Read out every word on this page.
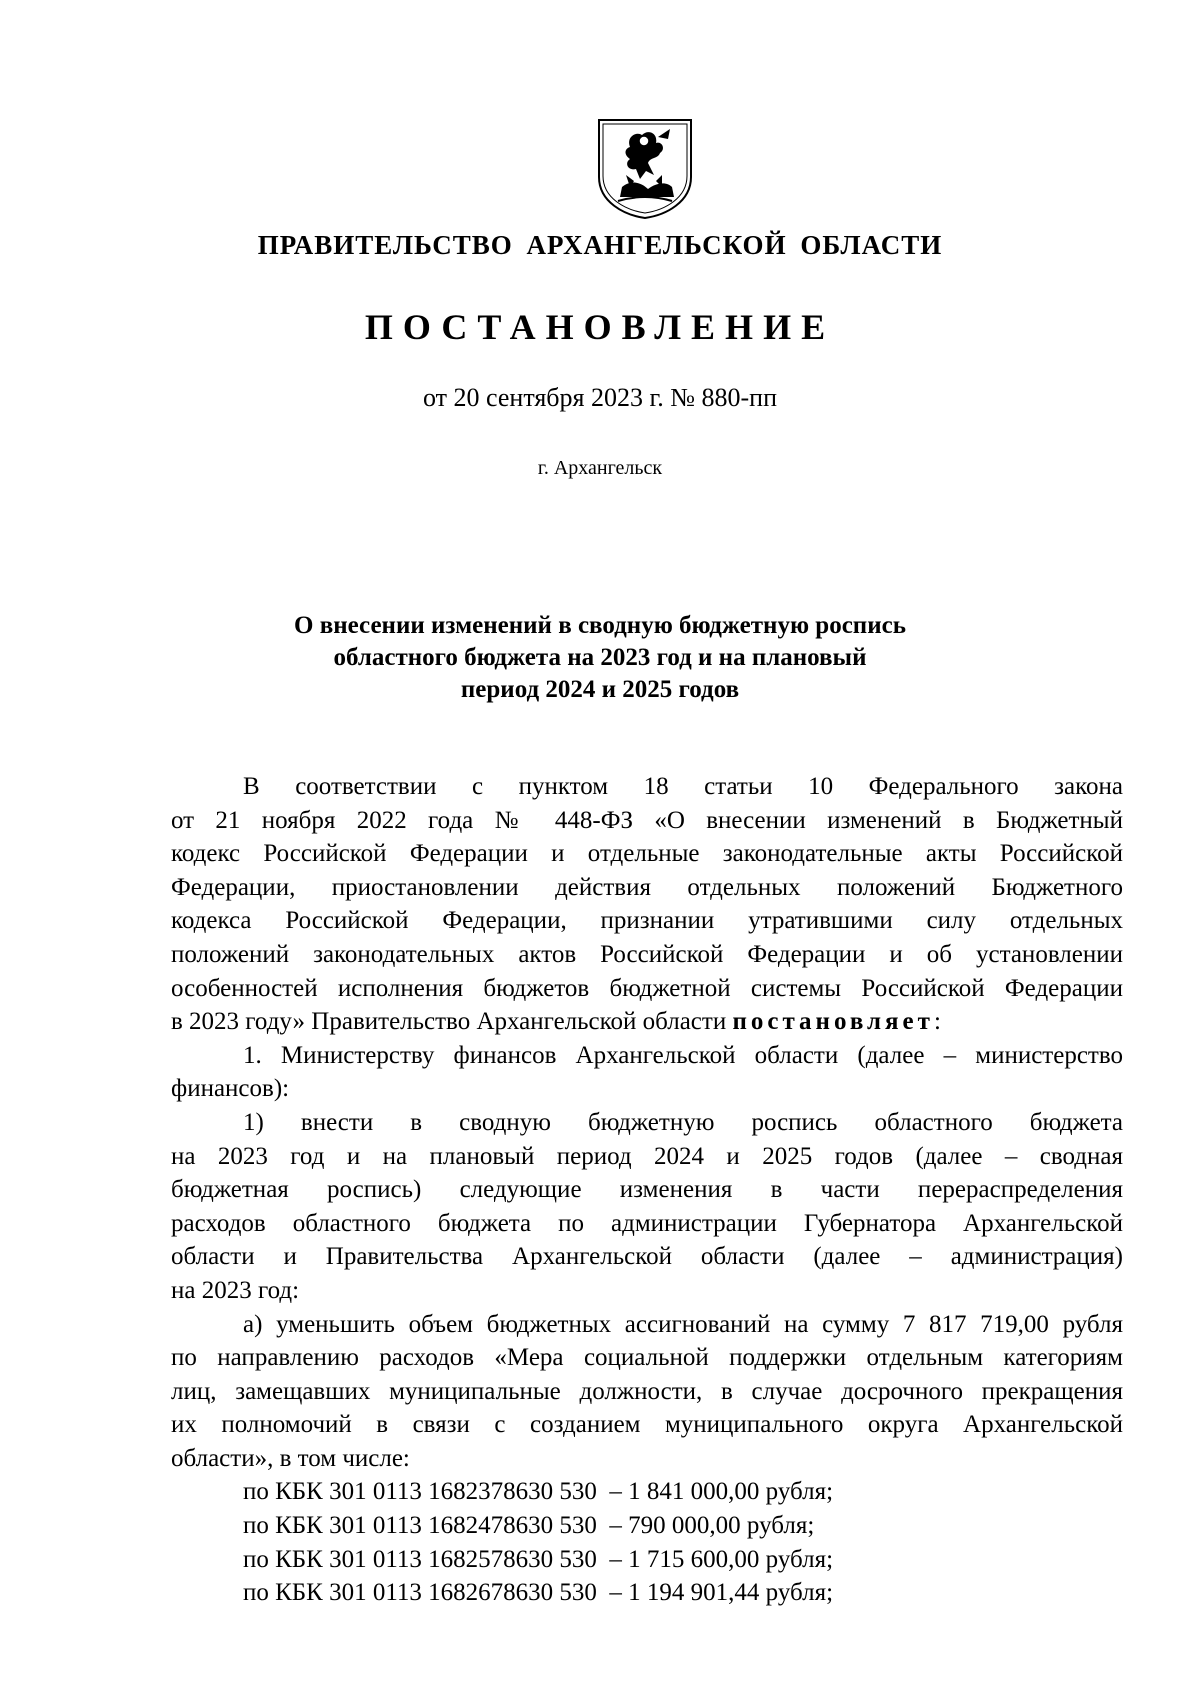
ПРАВИТЕЛЬСТВО АРХАНГЕЛЬСКОЙ ОБЛАСТИ
ПОСТАНОВЛЕНИЕ
от 20 сентября 2023 г. № 880-пп
г. Архангельск
О внесении изменений в сводную бюджетную роспись
областного бюджета на 2023 год и на плановый
период 2024 и 2025 годов

В соответствии с пунктом 18 статьи 10 Федерального закона

от 21 ноября 2022 года № 448-ФЗ «О внесении изменений в Бюджетный

кодекс Российской Федерации и отдельные законодательные акты Российской

Федерации, приостановлении действия отдельных положений Бюджетного

кодекса Российской Федерации, признании утратившими силу отдельных

положений законодательных актов Российской Федерации и об установлении

особенностей исполнения бюджетов бюджетной системы Российской Федерации

в 2023 году» Правительство Архангельской области постановляет:

1. Министерству финансов Архангельской области (далее – министерство

финансов):

1) внести в сводную бюджетную роспись областного бюджета

на 2023 год и на плановый период 2024 и 2025 годов (далее – сводная

бюджетная роспись) следующие изменения в части перераспределения

расходов областного бюджета по администрации Губернатора Архангельской

области и Правительства Архангельской области (далее – администрация)

на 2023 год:

а) уменьшить объем бюджетных ассигнований на сумму 7 817 719,00 рубля

по направлению расходов «Мера социальной поддержки отдельным категориям

лиц, замещавших муниципальные должности, в случае досрочного прекращения

их полномочий в связи с созданием муниципального округа Архангельской

области», в том числе:

по КБК 301 0113 1682378630 530  – 1 841 000,00 рубля;

по КБК 301 0113 1682478630 530  – 790 000,00 рубля;

по КБК 301 0113 1682578630 530  – 1 715 600,00 рубля;

по КБК 301 0113 1682678630 530  – 1 194 901,44 рубля;
